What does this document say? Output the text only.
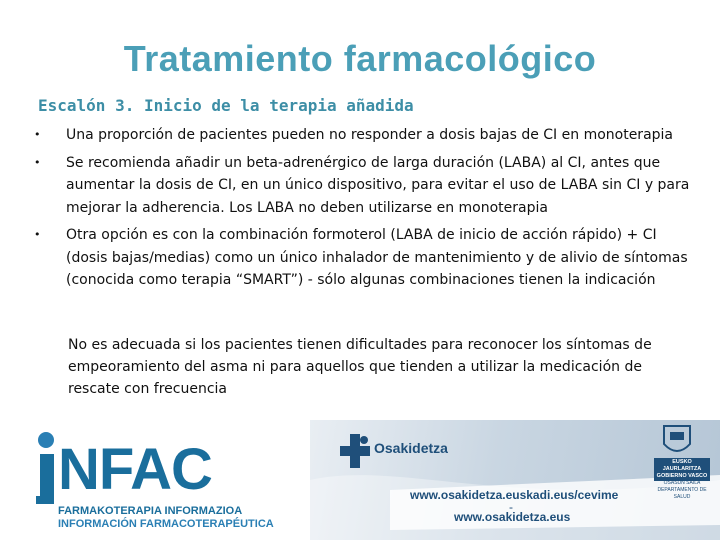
Tratamiento farmacológico
Escalón 3. Inicio de la terapia añadida
• Una proporción de pacientes pueden no responder a dosis bajas de CI en monoterapia
• Se recomienda añadir un beta-adrenérgico de larga duración (LABA) al CI, antes que aumentar la dosis de CI, en un único dispositivo, para evitar el uso de LABA sin CI y para mejorar la adherencia. Los LABA no deben utilizarse en monoterapia
• Otra opción es con la combinación formoterol (LABA de inicio de acción rápido) + CI (dosis bajas/medias) como un único inhalador de mantenimiento y de alivio de síntomas (conocida como terapia “SMART”) - sólo algunas combinaciones tienen la indicación
No es adecuada si los pacientes tienen dificultades para reconocer los síntomas de empeoramiento del asma ni para aquellos que tienden a utilizar la medicación de rescate con frecuencia
NFAC
FARMAKOTERAPIA INFORMAZIOA
INFORMACIÓN FARMACOTERAPÉUTICA
Osakidetza
www.osakidetza.euskadi.eus/cevime
-
www.osakidetza.eus
EUSKO JAURLARITZA
GOBIERNO VASCO
OSASUN SAILA
DEPARTAMENTO DE SALUD
